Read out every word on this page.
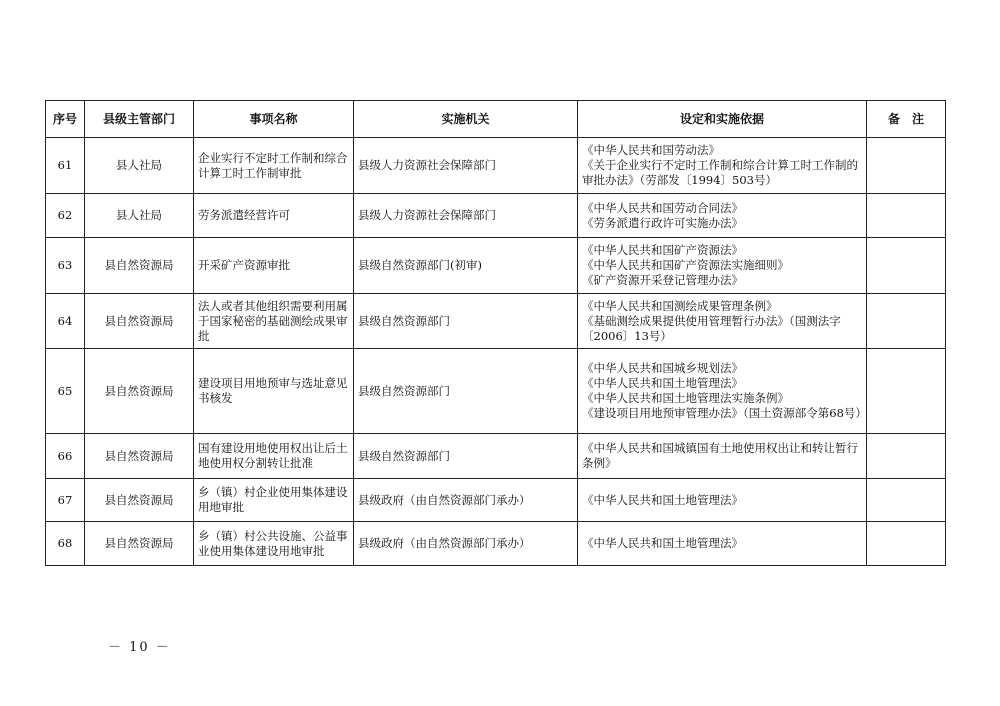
序号	县级主管部门	事项名称	实施机关	设定和实施依据	备　注
61	县人社局	企业实行不定时工作制和综合计算工时工作制审批	县级人力资源社会保障部门	《中华人民共和国劳动法》
《关于企业实行不定时工作制和综合计算工时工作制的审批办法》（劳部发〔1994〕503号）	
62	县人社局	劳务派遣经营许可	县级人力资源社会保障部门	《中华人民共和国劳动合同法》
《劳务派遣行政许可实施办法》	
63	县自然资源局	开采矿产资源审批	县级自然资源部门(初审)	《中华人民共和国矿产资源法》
《中华人民共和国矿产资源法实施细则》
《矿产资源开采登记管理办法》	
64	县自然资源局	法人或者其他组织需要利用属于国家秘密的基础测绘成果审批	县级自然资源部门	《中华人民共和国测绘成果管理条例》
《基础测绘成果提供使用管理暂行办法》（国测法字〔2006〕13号）	
65	县自然资源局	建设项目用地预审与选址意见书核发	县级自然资源部门	《中华人民共和国城乡规划法》
《中华人民共和国土地管理法》
《中华人民共和国土地管理法实施条例》
《建设项目用地预审管理办法》（国土资源部令第68号）	
66	县自然资源局	国有建设用地使用权出让后土地使用权分割转让批准	县级自然资源部门	《中华人民共和国城镇国有土地使用权出让和转让暂行条例》	
67	县自然资源局	乡（镇）村企业使用集体建设用地审批	县级政府（由自然资源部门承办）	《中华人民共和国土地管理法》	
68	县自然资源局	乡（镇）村公共设施、公益事业使用集体建设用地审批	县级政府（由自然资源部门承办）	《中华人民共和国土地管理法》	
－ 10 －
